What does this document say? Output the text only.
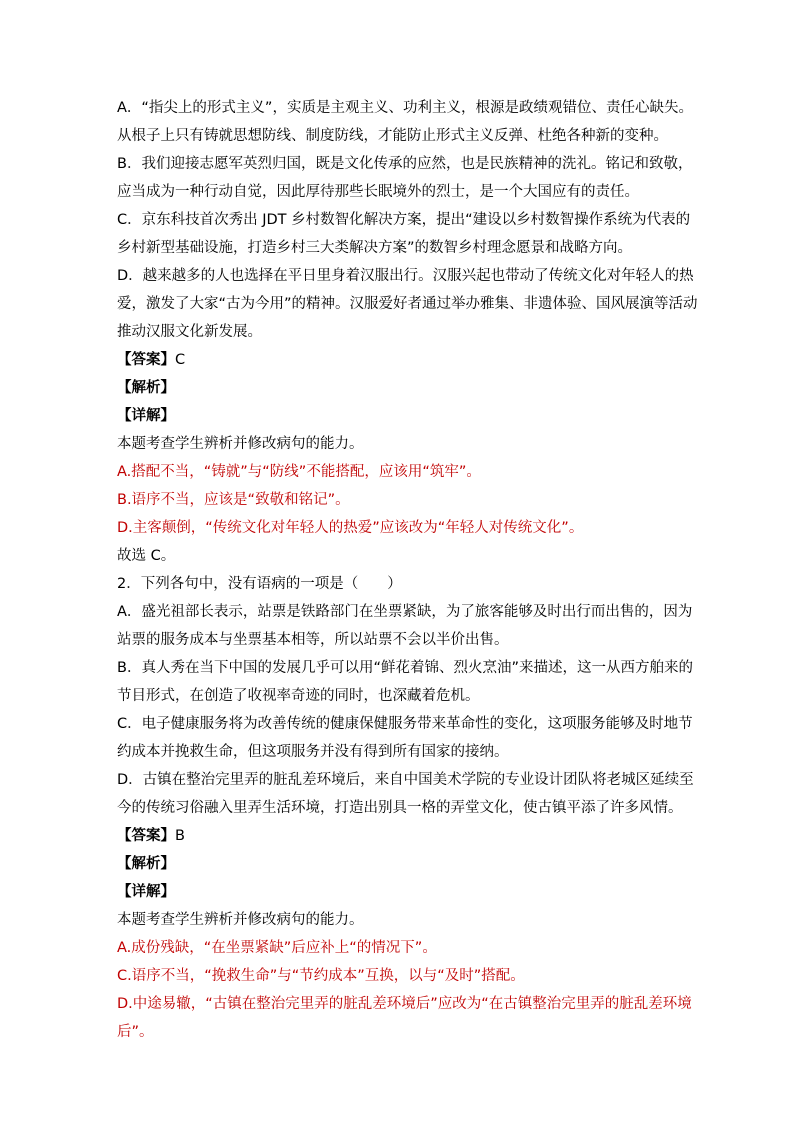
A．“指尖上的形式主义”，实质是主观主义、功利主义，根源是政绩观错位、责任心缺失。

从根子上只有铸就思想防线、制度防线，才能防止形式主义反弹、杜绝各种新的变种。

B．我们迎接志愿军英烈归国，既是文化传承的应然，也是民族精神的洗礼。铭记和致敬，

应当成为一种行动自觉，因此厚待那些长眠境外的烈士，是一个大国应有的责任。

C．京东科技首次秀出 JDT 乡村数智化解决方案，提出“建设以乡村数智操作系统为代表的

乡村新型基础设施，打造乡村三大类解决方案”的数智乡村理念愿景和战略方向。

D．越来越多的人也选择在平日里身着汉服出行。汉服兴起也带动了传统文化对年轻人的热

爱，激发了大家“古为今用”的精神。汉服爱好者通过举办雅集、非遗体验、国风展演等活动

推动汉服文化新发展。

【答案】C

【解析】

【详解】

本题考查学生辨析并修改病句的能力。

A.搭配不当，“铸就”与“防线”不能搭配，应该用“筑牢”。

B.语序不当，应该是“致敬和铭记”。

D.主客颠倒，“传统文化对年轻人的热爱”应该改为“年轻人对传统文化”。

故选 C。

2．下列各句中，没有语病的一项是（　　）

A．盛光祖部长表示，站票是铁路部门在坐票紧缺，为了旅客能够及时出行而出售的，因为

站票的服务成本与坐票基本相等，所以站票不会以半价出售。

B．真人秀在当下中国的发展几乎可以用“鲜花着锦、烈火烹油”来描述，这一从西方舶来的

节目形式，在创造了收视率奇迹的同时，也深藏着危机。

C．电子健康服务将为改善传统的健康保健服务带来革命性的变化，这项服务能够及时地节

约成本并挽救生命，但这项服务并没有得到所有国家的接纳。

D．古镇在整治完里弄的脏乱差环境后，来自中国美术学院的专业设计团队将老城区延续至

今的传统习俗融入里弄生活环境，打造出别具一格的弄堂文化，使古镇平添了许多风情。

【答案】B

【解析】

【详解】

本题考查学生辨析并修改病句的能力。

A.成份残缺，“在坐票紧缺”后应补上“的情况下”。

C.语序不当，“挽救生命”与“节约成本”互换，以与“及时”搭配。

D.中途易辙，“古镇在整治完里弄的脏乱差环境后”应改为“在古镇整治完里弄的脏乱差环境

后”。
